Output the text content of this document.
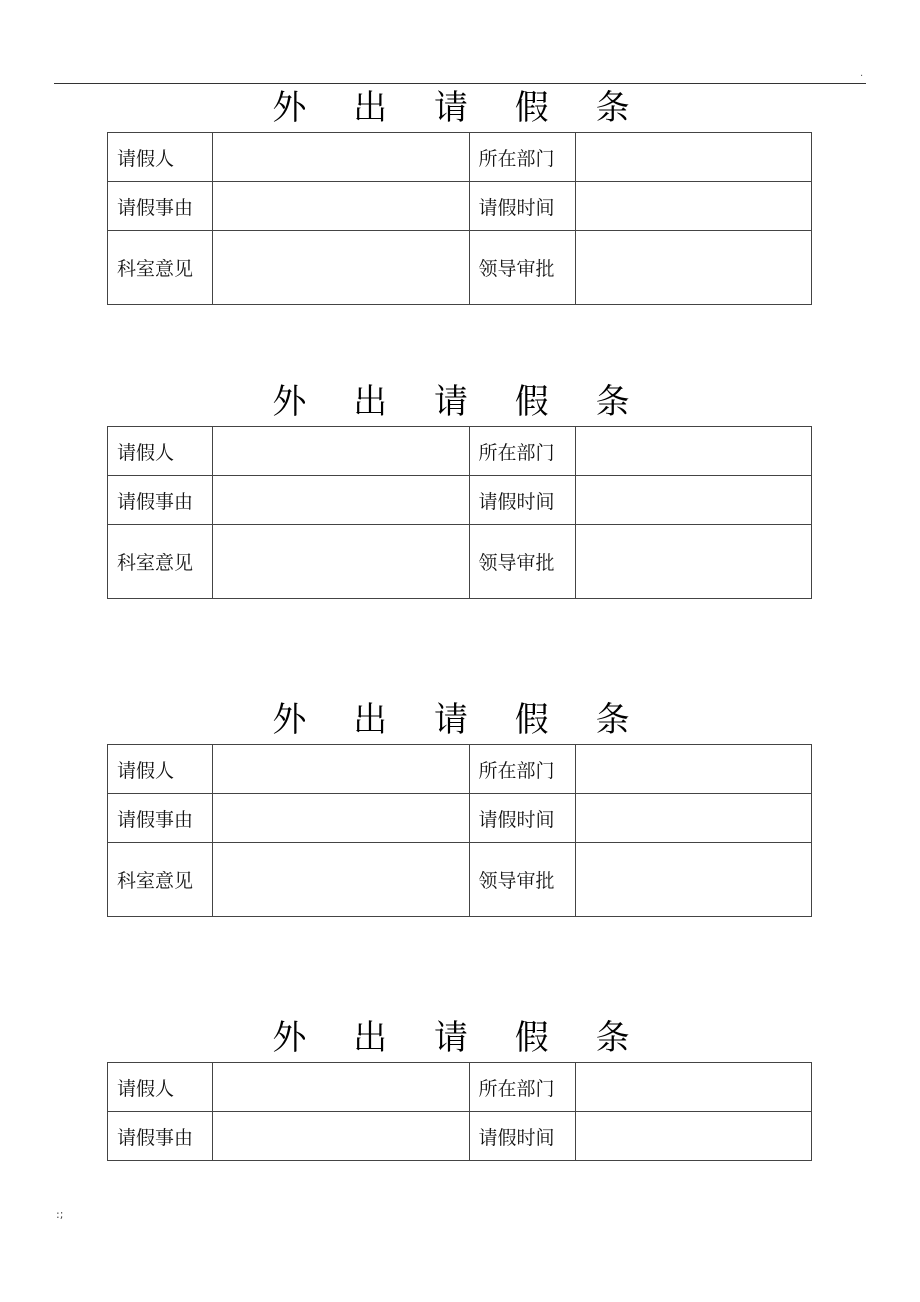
.
外 出 请 假 条
请假人		所在部门	
请假事由		请假时间	
科室意见		领导审批	
外 出 请 假 条
请假人		所在部门	
请假事由		请假时间	
科室意见		领导审批	
外 出 请 假 条
请假人		所在部门	
请假事由		请假时间	
科室意见		领导审批	
外 出 请 假 条
请假人		所在部门	
请假事由		请假时间	
:;
